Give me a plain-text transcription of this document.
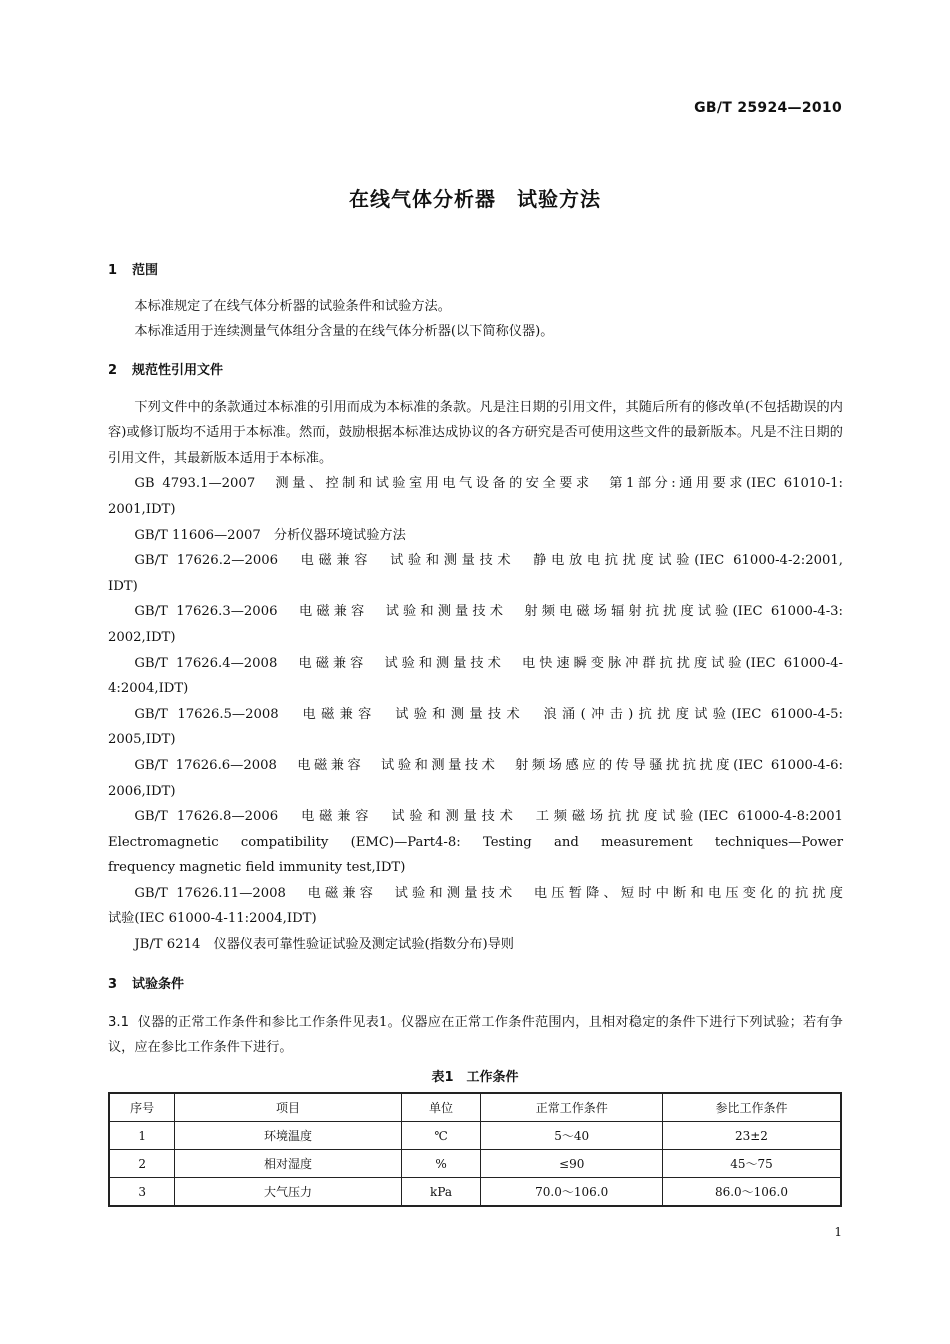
GB/T 25924—2010
在线气体分析器　试验方法
1 范围

本标准规定了在线气体分析器的试验条件和试验方法。

本标准适用于连续测量气体组分含量的在线气体分析器(以下简称仪器)。

2 规范性引用文件

下列文件中的条款通过本标准的引用而成为本标准的条款。凡是注日期的引用文件，其随后所有的修改单(不包括勘误的内容)或修订版均不适用于本标准。然而，鼓励根据本标准达成协议的各方研究是否可使用这些文件的最新版本。凡是不注日期的引用文件，其最新版本适用于本标准。

GB 4793.1—2007　测量、控制和试验室用电气设备的安全要求　第1部分:通用要求(IEC 61010-1:
2001,IDT)
GB/T 11606—2007　分析仪器环境试验方法
GB/T 17626.2—2006　电磁兼容　试验和测量技术　静电放电抗扰度试验(IEC 61000-4-2:2001,
IDT)
GB/T 17626.3—2006　电磁兼容　试验和测量技术　射频电磁场辐射抗扰度试验(IEC 61000-4-3:
2002,IDT)
GB/T 17626.4—2008　电磁兼容　试验和测量技术　电快速瞬变脉冲群抗扰度试验(IEC 61000-4-
4:2004,IDT)
GB/T 17626.5—2008　电磁兼容　试验和测量技术　浪涌(冲击)抗扰度试验(IEC 61000-4-5:
2005,IDT)
GB/T 17626.6—2008　电磁兼容　试验和测量技术　射频场感应的传导骚扰抗扰度(IEC 61000-4-6:
2006,IDT)
GB/T 17626.8—2006　电磁兼容　试验和测量技术　工频磁场抗扰度试验(IEC 61000-4-8:2001
Electromagnetic compatibility (EMC)—Part4-8: Testing and measurement techniques—Power
frequency magnetic field immunity test,IDT)
GB/T 17626.11—2008　电磁兼容　试验和测量技术　电压暂降、短时中断和电压变化的抗扰度
试验(IEC 61000-4-11:2004,IDT)
JB/T 6214　仪器仪表可靠性验证试验及测定试验(指数分布)导则
3 试验条件

3.1 仪器的正常工作条件和参比工作条件见表1。仪器应在正常工作条件范围内，且相对稳定的条件下进行下列试验；若有争议，应在参比工作条件下进行。

表1　工作条件
序号	项目	单位	正常工作条件	参比工作条件
1	环境温度	℃	5～40	23±2
2	相对湿度	%	≤90	45～75
3	大气压力	kPa	70.0～106.0	86.0～106.0
1
